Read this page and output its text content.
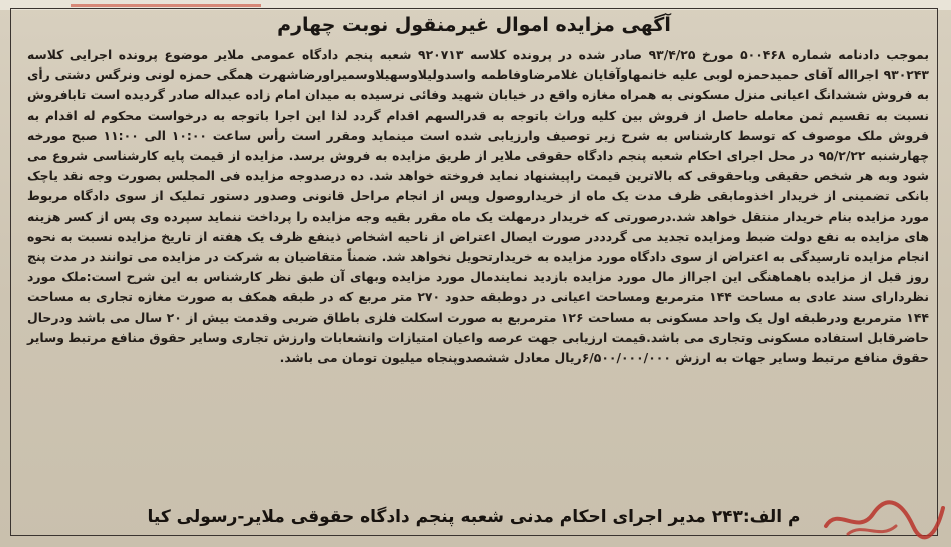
آگهی مزایده اموال غیرمنقول نوبت چهارم

بموجب دادنامه شماره ۵۰۰۴۶۸ مورخ ۹۳/۴/۲۵ صادر شده در پرونده کلاسه ۹۲۰۷۱۳ شعبه پنجم دادگاه عمومی ملایر موضوع پرونده اجرایی کلاسه ۹۳۰۲۴۳ اجرااله آقای حمیدحمزه لوبی علیه خانمهاوآقایان غلامرضاوفاطمه واسدولیلاوسهیلاوسمیراورضاشهرت همگی حمزه لونی ونرگس دشتی رأی به فروش ششدانگ اعیانی منزل مسکونی به همراه مغازه واقع در خیابان شهید وفائی نرسیده به میدان امام زاده عبداله صادر گردیده است تابافروش نسبت به تقسیم ثمن معامله حاصل از فروش بین کلیه وراث باتوجه به قدرالسهم اقدام گردد لذا این اجرا باتوجه به درخواست محکوم له اقدام به فروش ملک موصوف که توسط کارشناس به شرح زیر توصیف وارزیابی شده است مینماید ومقرر است رأس ساعت ۱۰:۰۰ الی ۱۱:۰۰ صبح مورخه چهارشنبه ۹۵/۲/۲۲ در محل اجرای احکام شعبه پنجم دادگاه حقوقی ملایر از طریق مزایده به فروش برسد. مزایده از قیمت پایه کارشناسی شروع می شود وبه هر شخص حقیقی وباحقوقی که بالاترین قیمت راپیشنهاد نماید فروخته خواهد شد. ده درصدوجه مزایده فی المجلس بصورت وجه نقد یاچک بانکی تضمینی از خریدار اخذومابقی ظرف مدت یک ماه از خریداروصول وپس از انجام مراحل قانونی وصدور دستور تملیک از سوی دادگاه مربوط مورد مزایده بنام خریدار منتقل خواهد شد.درصورتی که خریدار درمهلت یک ماه مقرر بقیه وجه مزایده را پرداخت ننماید سپرده وی پس از کسر هزینه های مزایده به نفع دولت ضبط ومزایده تجدید می گردددر صورت ایصال اعتراض از ناحیه اشخاص ذینفع ظرف یک هفته از تاریخ مزایده نسبت به نحوه انجام مزایده تارسیدگی به اعتراض از سوی دادگاه مورد مزایده به خریدارتحویل نخواهد شد. ضمناً متقاضیان به شرکت در مزایده می توانند در مدت پنج روز قبل از مزایده باهماهنگی این اجرااز مال مورد مزایده بازدید نمایندمال مورد مزایده وبهای آن طبق نظر کارشناس به این شرح است:ملک مورد نظردارای سند عادی به مساحت ۱۴۴ مترمربع ومساحت اعیانی در دوطبقه حدود ۲۷۰ متر مربع که در طبقه همکف به صورت مغازه تجاری به مساحت ۱۴۴ مترمربع ودرطبقه اول یک واحد مسکونی به مساحت ۱۲۶ مترمربع به صورت اسکلت فلزی باطاق ضربی وقدمت بیش از ۲۰ سال می باشد ودرحال حاضرقابل استفاده مسکونی وتجاری می باشد.قیمت ارزیابی جهت عرصه واعیان امتیازات وانشعابات وارزش تجاری وسایر حقوق منافع مرتبط وسایر حقوق منافع مرتبط وسایر جهات به ارزش ۶/۵۰۰/۰۰۰/۰۰۰ریال معادل ششصدوپنجاه میلیون تومان می باشد.

م الف:۲۴۳ مدیر اجرای احکام مدنی شعبه پنجم دادگاه حقوقی ملایر-رسولی کیا
